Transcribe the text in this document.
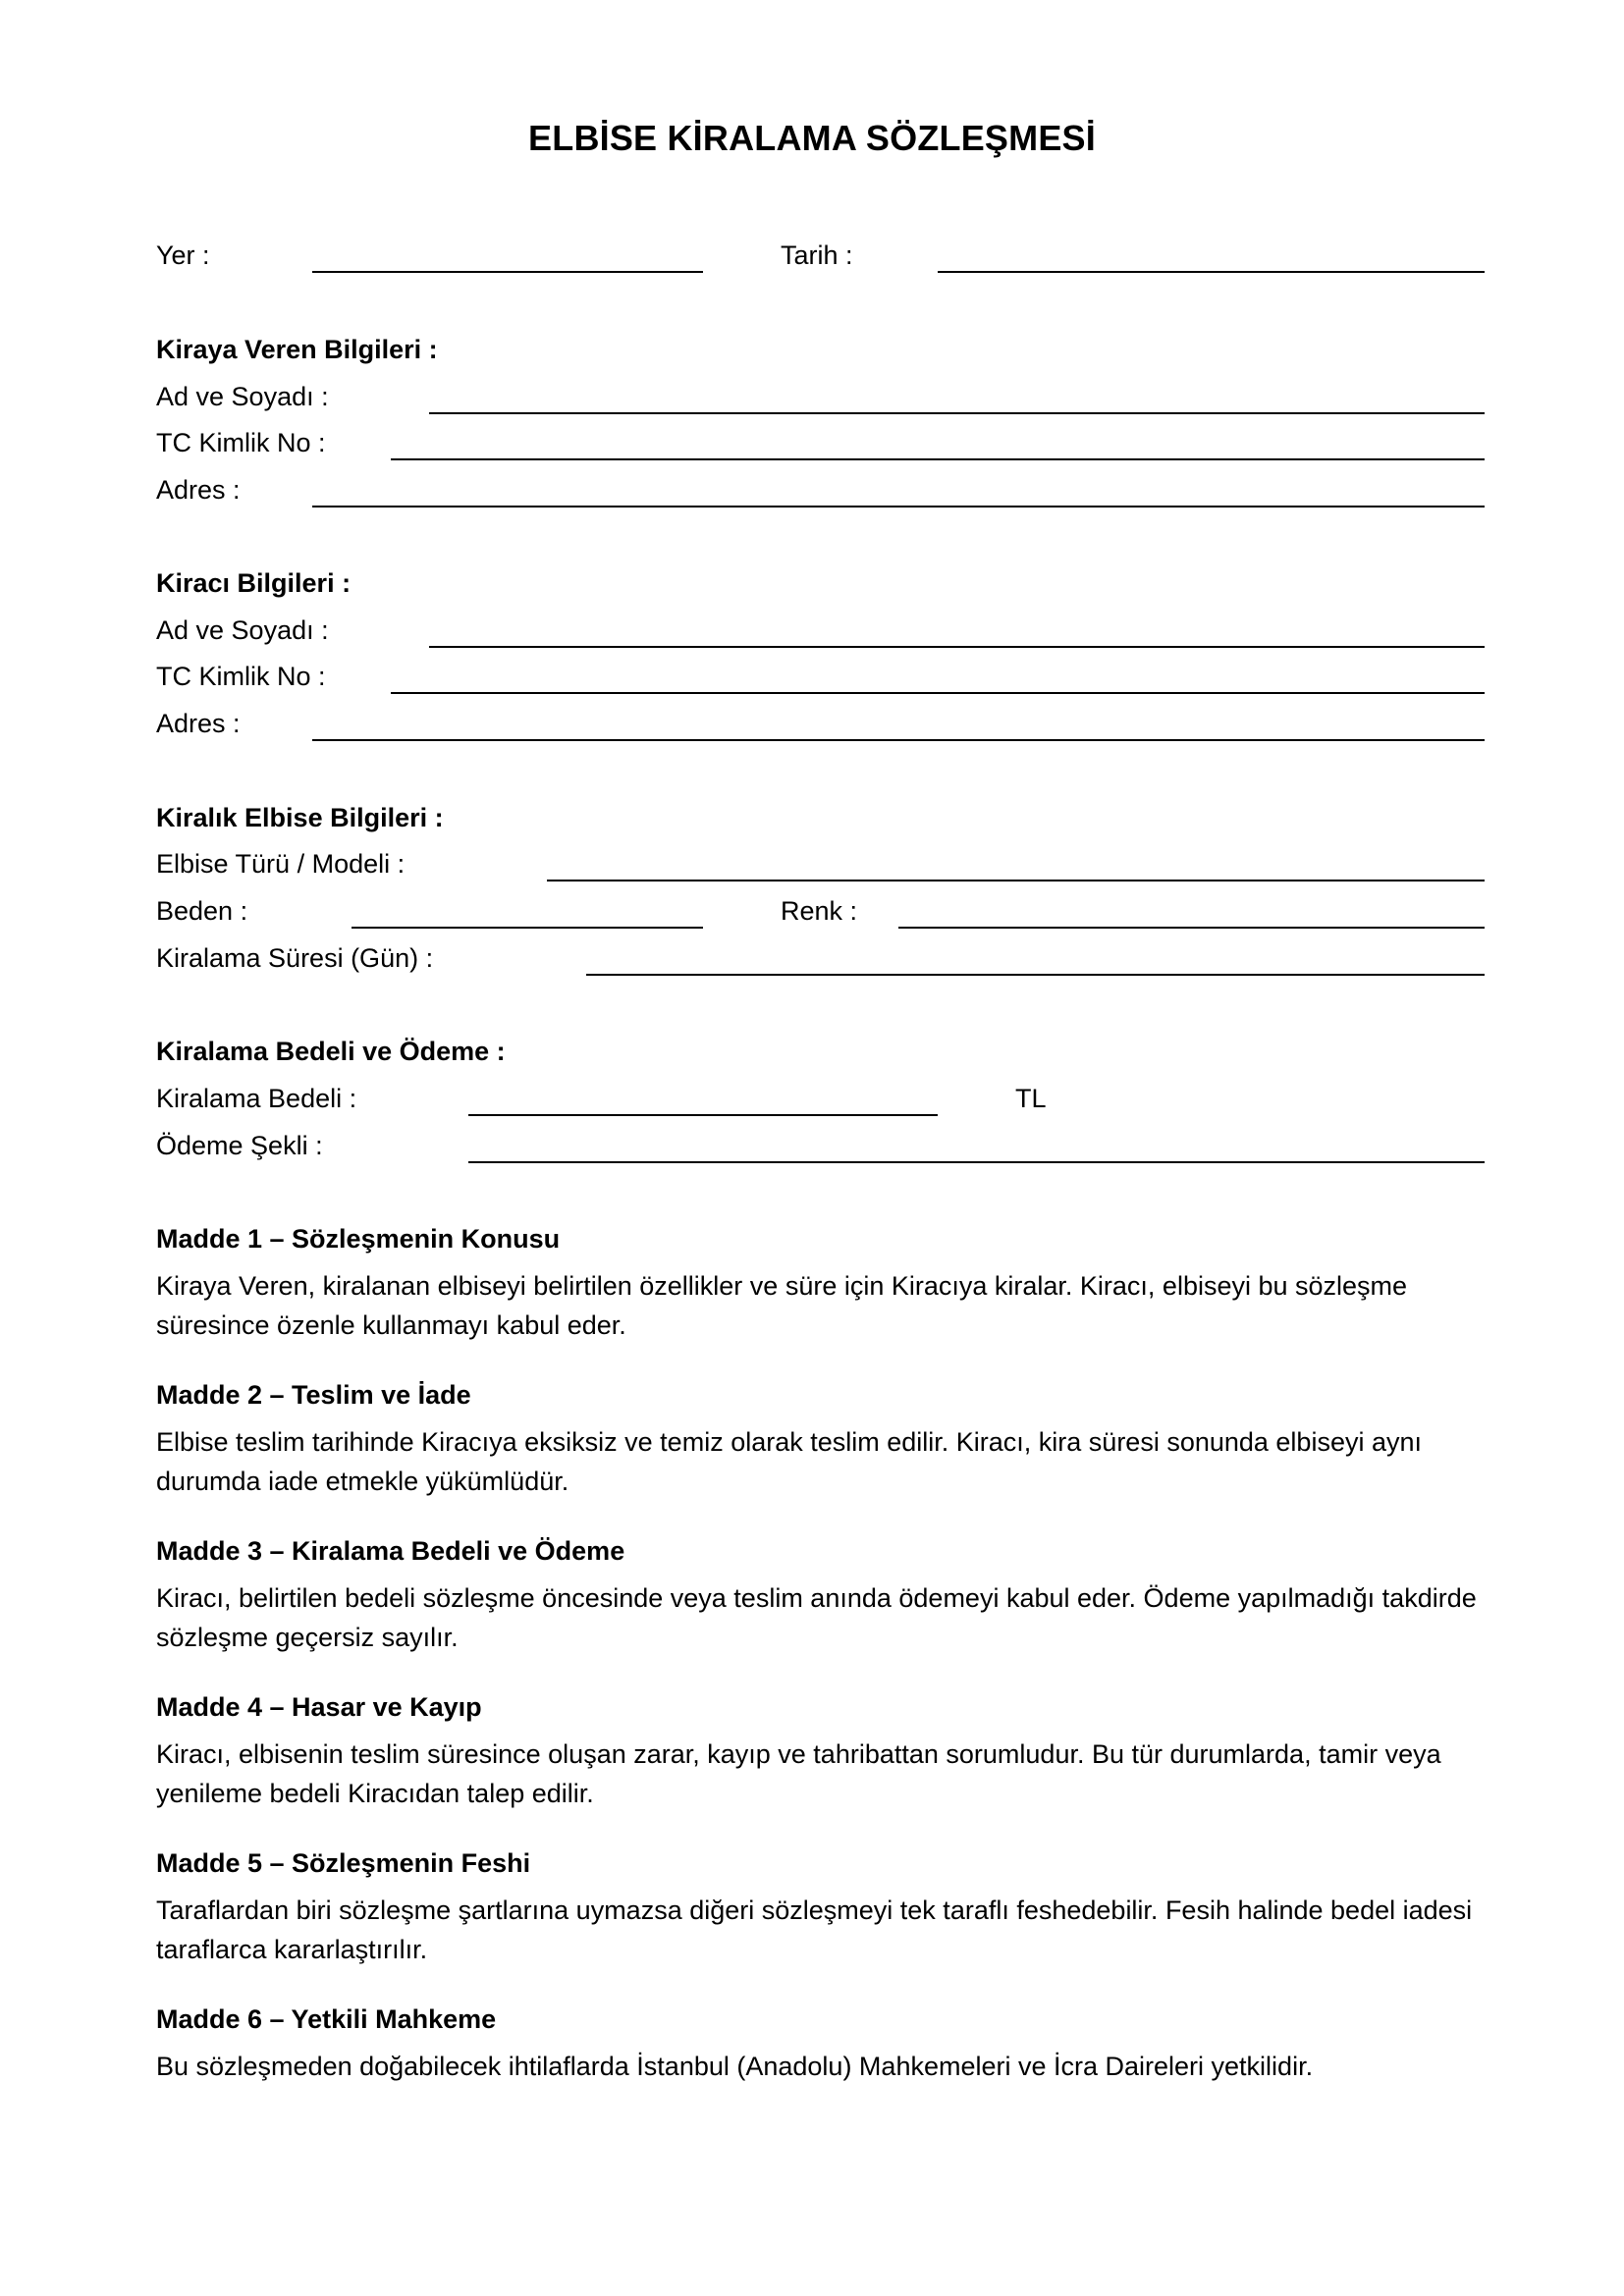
ELBİSE KİRALAMA SÖZLEŞMESİ
Yer :	Tarih :
Kiraya Veren Bilgileri :
Ad ve Soyadı :
TC Kimlik No :
Adres :
Kiracı Bilgileri :
Ad ve Soyadı :
TC Kimlik No :
Adres :
Kiralık Elbise Bilgileri :
Elbise Türü / Modeli :
Beden :	Renk :
Kiralama Süresi (Gün) :
Kiralama Bedeli ve Ödeme :
Kiralama Bedeli :	TL
Ödeme Şekli :
Madde 1 – Sözleşmenin Konusu
Kiraya Veren, kiralanan elbiseyi belirtilen özellikler ve süre için Kiracıya kiralar. Kiracı, elbiseyi bu sözleşme süresince özenle kullanmayı kabul eder.
Madde 2 – Teslim ve İade
Elbise teslim tarihinde Kiracıya eksiksiz ve temiz olarak teslim edilir. Kiracı, kira süresi sonunda elbiseyi aynı durumda iade etmekle yükümlüdür.
Madde 3 – Kiralama Bedeli ve Ödeme
Kiracı, belirtilen bedeli sözleşme öncesinde veya teslim anında ödemeyi kabul eder. Ödeme yapılmadığı takdirde sözleşme geçersiz sayılır.
Madde 4 – Hasar ve Kayıp
Kiracı, elbisenin teslim süresince oluşan zarar, kayıp ve tahribattan sorumludur. Bu tür durumlarda, tamir veya yenileme bedeli Kiracıdan talep edilir.
Madde 5 – Sözleşmenin Feshi
Taraflardan biri sözleşme şartlarına uymazsa diğeri sözleşmeyi tek taraflı feshedebilir. Fesih halinde bedel iadesi taraflarca kararlaştırılır.
Madde 6 – Yetkili Mahkeme
Bu sözleşmeden doğabilecek ihtilaflarda İstanbul (Anadolu) Mahkemeleri ve İcra Daireleri yetkilidir.
